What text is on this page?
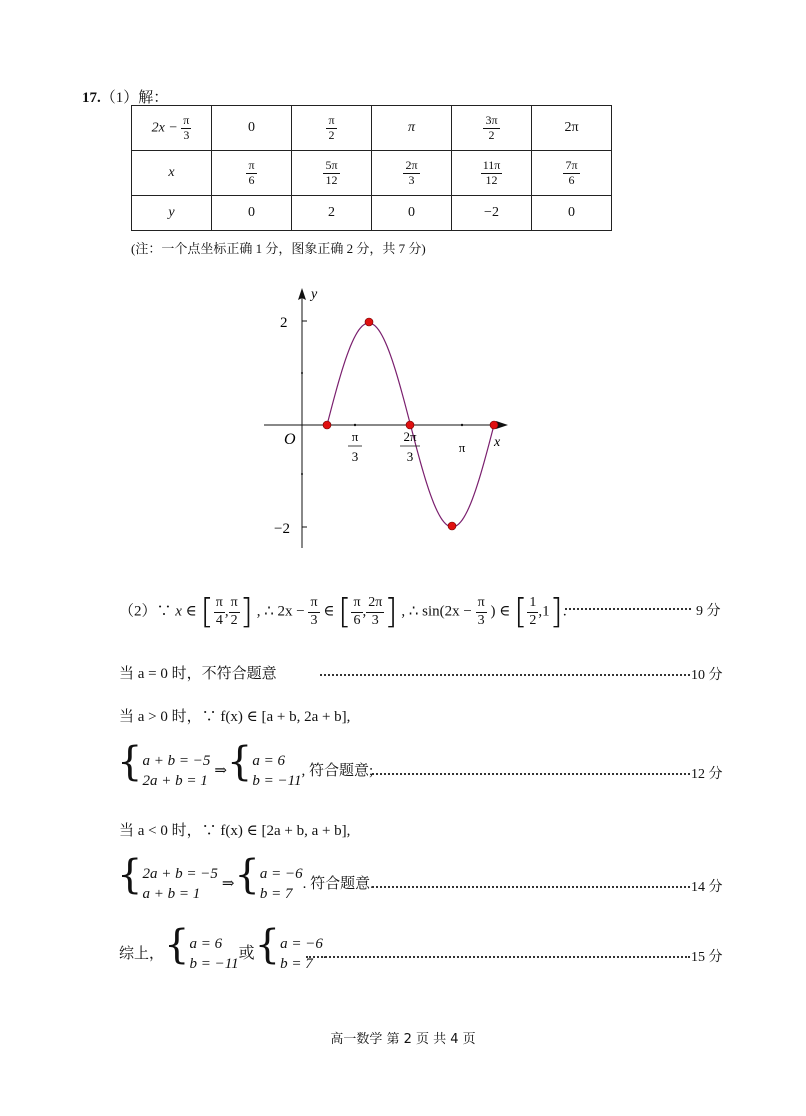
17.（1）解：
$2x - \frac{\pi}{3}$	0	$\frac{\pi}{2}$	π	$\frac{3\pi}{2}$	2π
x	$\frac{\pi}{6}$	$\frac{5\pi}{12}$	$\frac{2\pi}{3}$	$\frac{11\pi}{12}$	$\frac{7\pi}{6}$

y	0	2	0	−2	0
(注：一个点坐标正确 1 分，图象正确 2 分，共 7 分)
y
x
O
2
−2
π
3
2π
3
π
（2）∵ x ∈ [ $\frac{\pi}{4}$ , $\frac{\pi}{2}$ ] , ∴ $2x - \frac{\pi}{3}$ ∈ [ $\frac{\pi}{6}$ , $\frac{2\pi}{3}$ ] , ∴ $\sin(2x - \frac{\pi}{3}$ ) ∈ [ $\frac{1}{2} ,1$].	9 分
当 a = 0 时，不符合题意	10 分
当 a > 0 时，∵ f(x) ∈ [a + b, 2a + b],
{ a + b = −5
2a + b = 1
⇒{ a = 6
b = −11
, 符合题意;	12 分
当 a < 0 时，∵ f(x) ∈ [2a + b, a + b],
{ 2a + b = −5
a + b = 1
⇒{ a = −6
b = 7
. 符合题意.	14 分
综上，{ a = 6
b = −11
或{ a = −6
b = 7
.	15 分
高一数学 第 2 页 共 4 页
